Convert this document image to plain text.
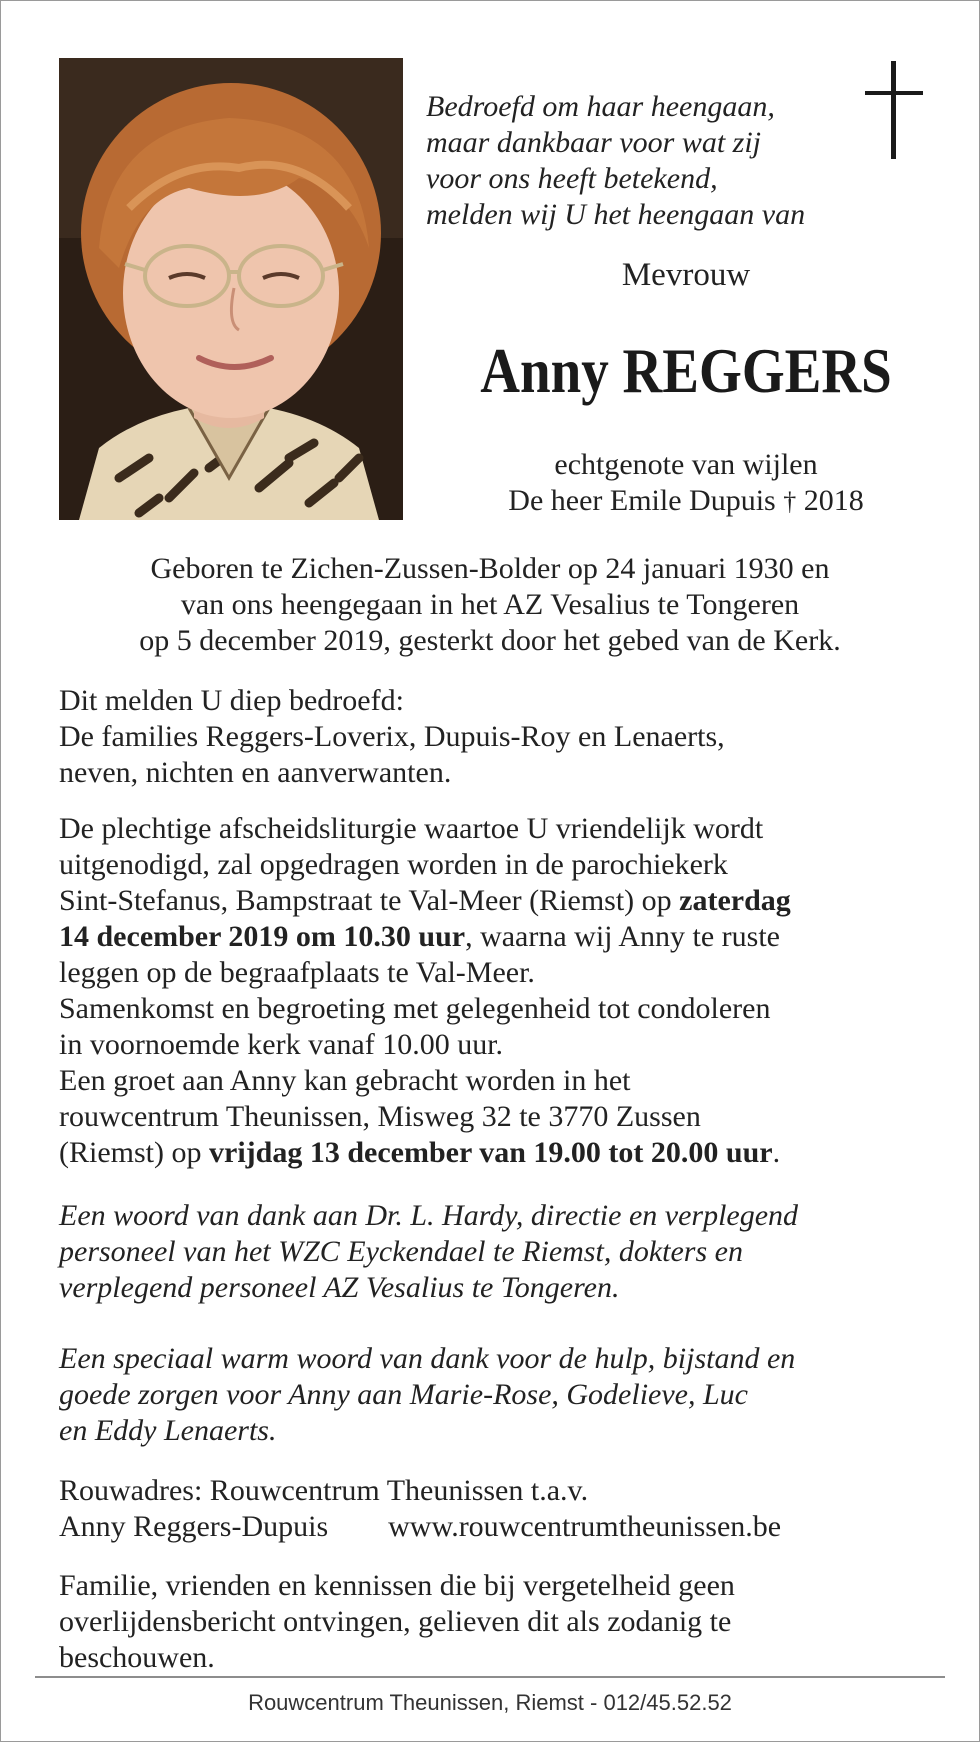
Bedroefd om haar heengaan,
maar dankbaar voor wat zij
voor ons heeft betekend,
melden wij U het heengaan van
Mevrouw
Anny REGGERS
echtgenote van wijlen
De heer Emile Dupuis † 2018
Geboren te Zichen-Zussen-Bolder op 24 januari 1930 en
van ons heengegaan in het AZ Vesalius te Tongeren
op 5 december 2019, gesterkt door het gebed van de Kerk.
Dit melden U diep bedroefd:
De families Reggers-Loverix, Dupuis-Roy en Lenaerts,
neven, nichten en aanverwanten.
De plechtige afscheidsliturgie waartoe U vriendelijk wordt
uitgenodigd, zal opgedragen worden in de parochiekerk
Sint-Stefanus, Bampstraat te Val-Meer (Riemst) op zaterdag
14 december 2019 om 10.30 uur, waarna wij Anny te ruste
leggen op de begraafplaats te Val-Meer.
Samenkomst en begroeting met gelegenheid tot condoleren
in voornoemde kerk vanaf 10.00 uur.
Een groet aan Anny kan gebracht worden in het
rouwcentrum Theunissen, Misweg 32 te 3770 Zussen
(Riemst) op vrijdag 13 december van 19.00 tot 20.00 uur.
Een woord van dank aan Dr. L. Hardy, directie en verplegend
personeel van het WZC Eyckendael te Riemst, dokters en
verplegend personeel AZ Vesalius te Tongeren.
Een speciaal warm woord van dank voor de hulp, bijstand en
goede zorgen voor Anny aan Marie-Rose, Godelieve, Luc
en Eddy Lenaerts.
Rouwadres: Rouwcentrum Theunissen t.a.v.
Anny Reggers-Dupuis www.rouwcentrumtheunissen.be
Familie, vrienden en kennissen die bij vergetelheid geen
overlijdensbericht ontvingen, gelieven dit als zodanig te
beschouwen.
Rouwcentrum Theunissen, Riemst - 012/45.52.52
